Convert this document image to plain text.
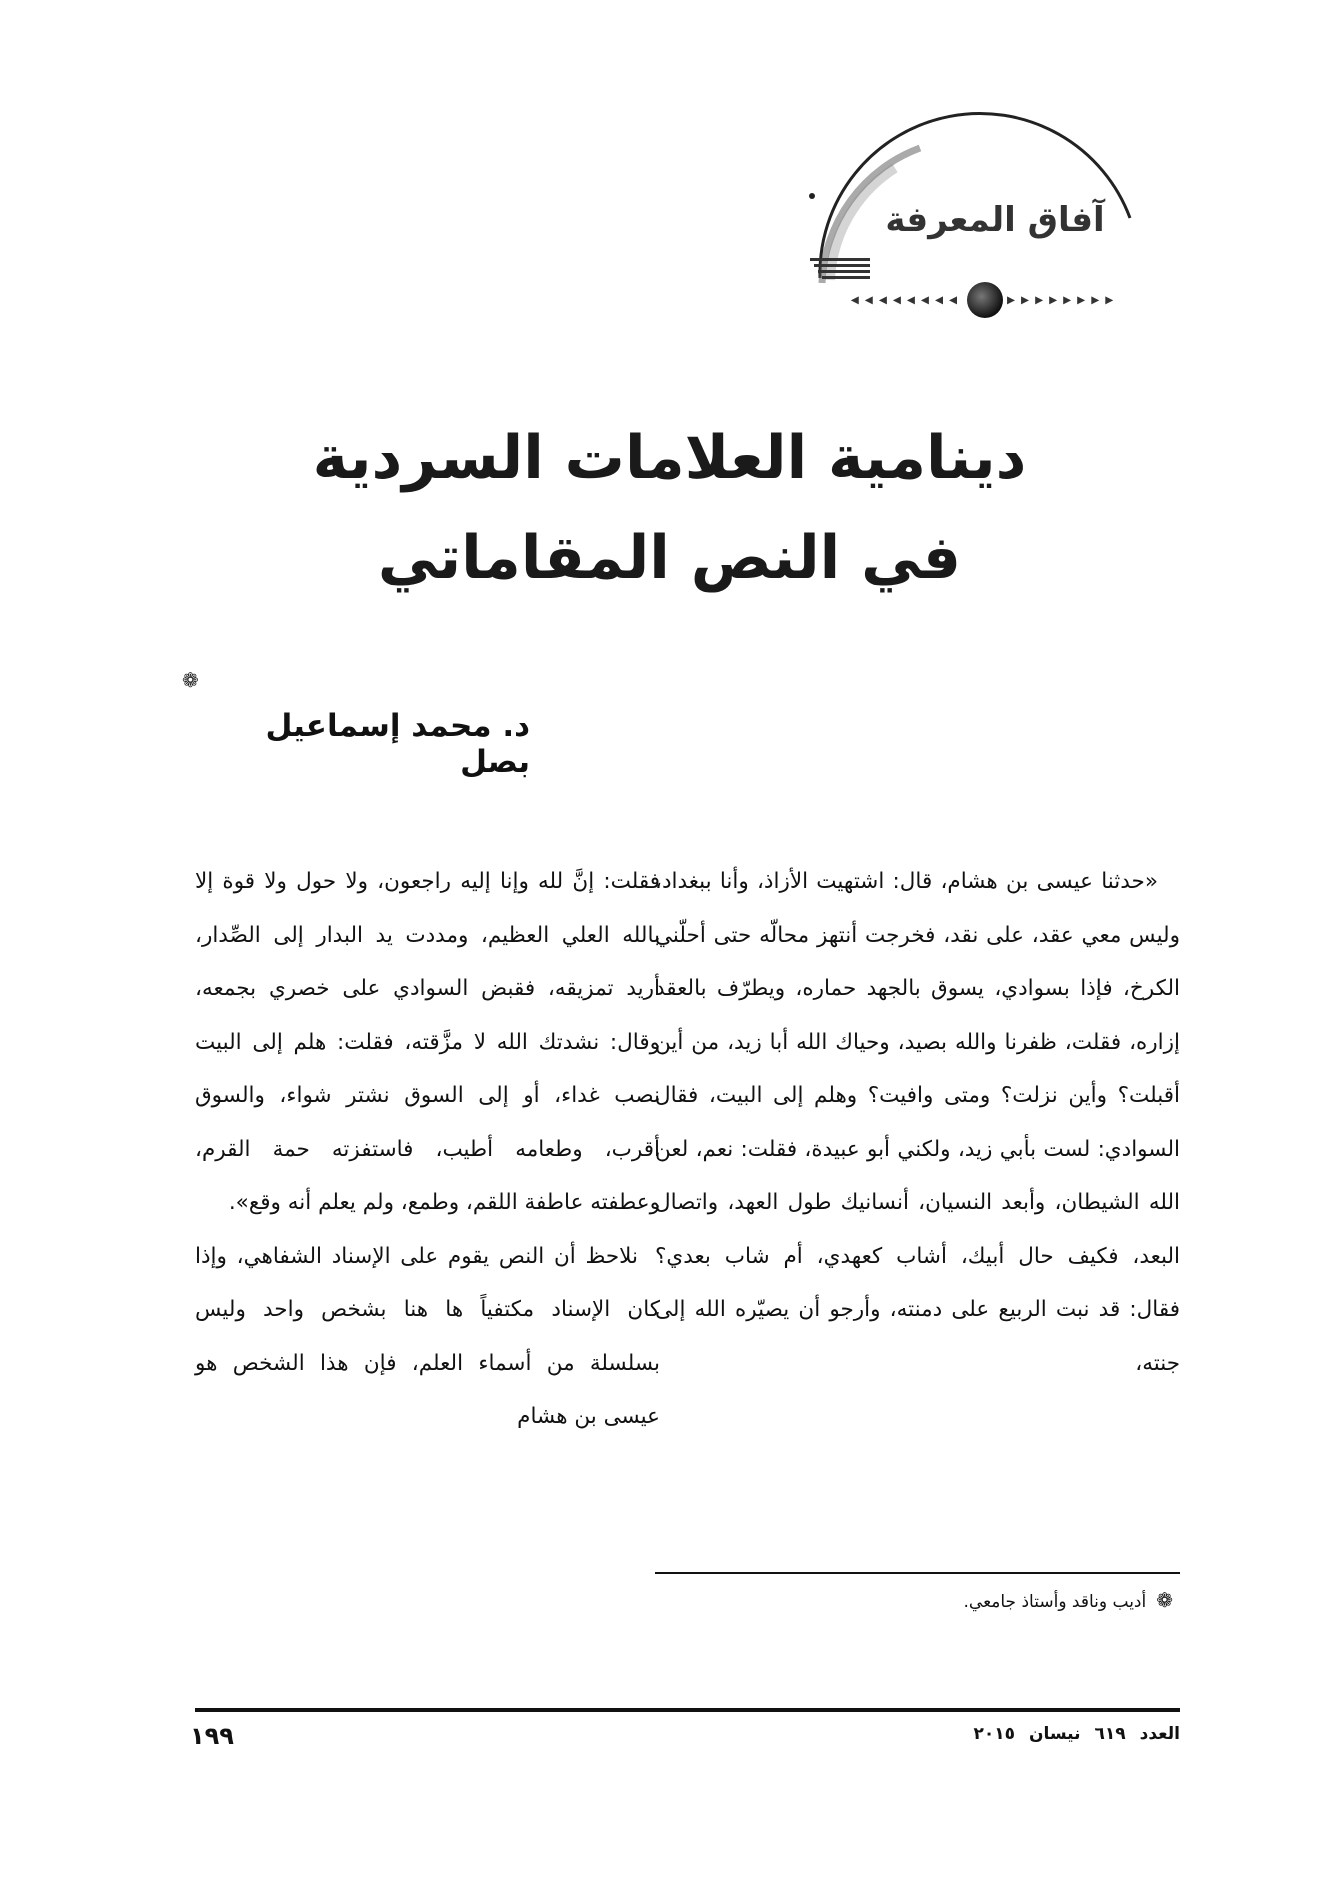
آفاق المعرفة
◂◂◂◂◂◂◂◂	▸▸▸▸▸▸▸▸
دينامية العلامات السردية
في النص المقاماتي
❁
د. محمد إسماعيل بصل

«حدثنا عيسى بن هشام، قال: اشتهيت الأزاذ، وأنا ببغداد، وليس معي عقد، على نقد، فخرجت أنتهز محالّه حتى أحلّني الكرخ، فإذا بسوادي، يسوق بالجهد حماره، ويطرّف بالعقد إزاره، فقلت، ظفرنا والله بصيد، وحياك الله أبا زيد، من أين أقبلت؟ وأين نزلت؟ ومتى وافيت؟ وهلم إلى البيت، فقال السوادي: لست بأبي زيد، ولكني أبو عبيدة، فقلت: نعم، لعن الله الشيطان، وأبعد النسيان، أنسانيك طول العهد، واتصال البعد، فكيف حال أبيك، أشاب كعهدي، أم شاب بعدي؟ فقال: قد نبت الربيع على دمنته، وأرجو أن يصيّره الله إلى جنته،

فقلت: إنَّ لله وإنا إليه راجعون، ولا حول ولا قوة إلا بالله العلي العظيم، ومددت يد البدار إلى الصِّدار، أريد تمزيقه، فقبض السوادي على خصري بجمعه، وقال: نشدتك الله لا مزَّقته، فقلت: هلم إلى البيت نصب غداء، أو إلى السوق نشتر شواء، والسوق أقرب، وطعامه أطيب، فاستفزته حمة القرم، وعطفته عاطفة اللقم، وطمع، ولم يعلم أنه وقع».

نلاحظ أن النص يقوم على الإسناد الشفاهي، وإذا كان الإسناد مكتفياً ها هنا بشخص واحد وليس بسلسلة من أسماء العلم، فإن هذا الشخص هو عيسى بن هشام

❁أديب وناقد وأستاذ جامعي.
١٩٩	العدد٦١٩نيسان٢٠١٥
